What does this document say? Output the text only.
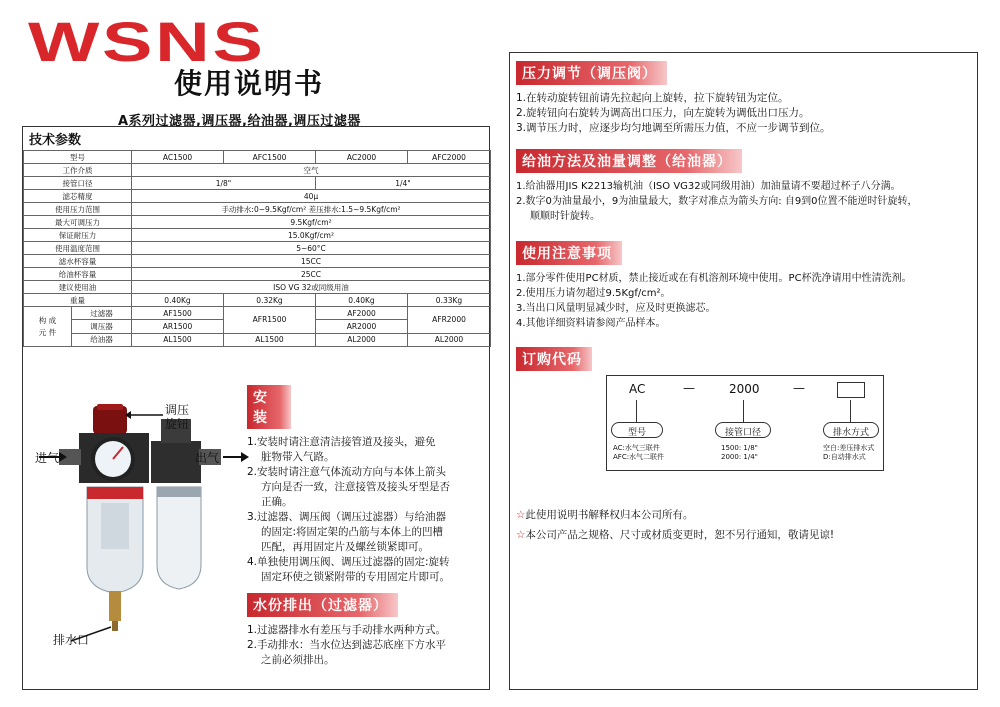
WSNS
使用说明书
A系列过滤器,调压器,给油器,调压过滤器
技术参数
型号	AC1500	AFC1500	AC2000	AFC2000
工作介质	空气			
接管口径	1/8"		1/4"	
滤芯精度	40μ			
使用压力范围	手动排水:0~9.5Kgf/cm² 差压排水:1.5~9.5Kgf/cm²			
最大可调压力	9.5Kgf/cm²			
保证耐压力	15.0Kgf/cm²			
使用温度范围	5~60°C			
滤水杯容量	15CC			
给油杯容量	25CC			
建议使用油	ISO VG 32或同级用油			
重量	0.40Kg	0.32Kg	0.40Kg	0.33Kg
构 成
元 件	过滤器	AF1500	AFR1500	AF2000	AFR2000
	调压器	AR1500		AR2000	
	给油器	AL1500	AL1500	AL2000	AL2000
调压
旋钮
进气	出气
排水口
安装
1.安装时请注意清洁接管道及接头，避免
脏物带入气路。
2.安装时请注意气体流动方向与本体上箭头
方向是否一致，注意接管及接头牙型是否
正确。
3.过滤器、调压阀（调压过滤器）与给油器
的固定:将固定架的凸筋与本体上的凹槽
匹配，再用固定片及螺丝锁紧即可。
4.单独使用调压阀、调压过滤器的固定:旋转
固定环使之锁紧附带的专用固定片即可。
水份排出（过滤器）
1.过滤器排水有差压与手动排水两种方式。
2.手动排水：当水位达到滤芯底座下方水平
之前必须排出。
压力调节（调压阀）
1.在转动旋转钮前请先拉起向上旋转，拉下旋转钮为定位。
2.旋转钮向右旋转为调高出口压力，向左旋转为调低出口压力。
3.调节压力时，应逐步均匀地调至所需压力值，不应一步调节到位。
给油方法及油量调整（给油器）
1.给油器用JIS K2213输机油（ISO VG32或同级用油）加油量请不要超过杯子八分满。
2.数字0为油量最小，9为油量最大，数字对准点为箭头方向: 自9到0位置不能逆时针旋转，
顺顺时针旋转。
使用注意事项
1.部分零件使用PC材质，禁止接近或在有机溶剂环境中使用。PC杯洗净请用中性清洗剂。
2.使用压力请勿超过9.5Kgf/cm²。
3.当出口风量明显减少时，应及时更换滤芯。
4.其他详细资料请参阅产品样本。
订购代码
AC	—	2000	—
型号	接管口径	排水方式
AC:水气三联件
AFC:水气二联件
1500: 1/8"
2000: 1/4"
空白:差压排水式
D:自动排水式
☆此使用说明书解释权归本公司所有。
☆本公司产品之规格、尺寸或材质变更时，恕不另行通知，敬请见谅!
